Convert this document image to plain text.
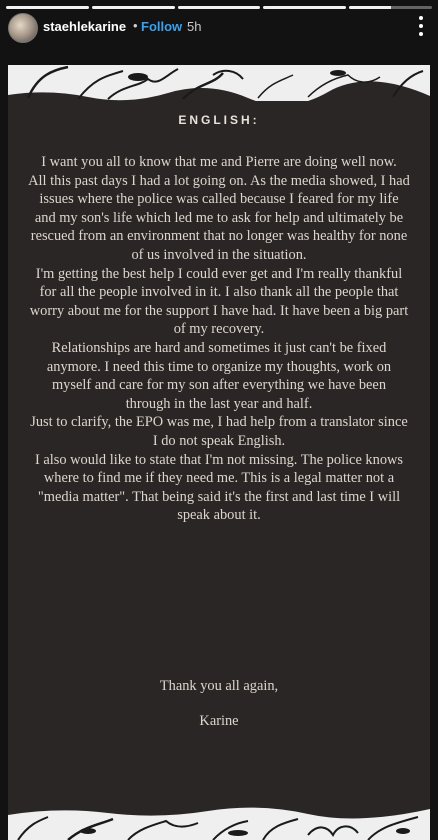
staehlekarine • Follow 5h
ENGLISH:

I want you all to know that me and Pierre are doing well now.

All this past days I had a lot going on. As the media showed, I had issues where the police was called because I feared for my life and my son's life which led me to ask for help and ultimately be rescued from an environment that no longer was healthy for none of us involved in the situation.

I'm getting the best help I could ever get and I'm really thankful for all the people involved in it. I also thank all the people that worry about me for the support I have had. It have been a big part of my recovery.

Relationships are hard and sometimes it just can't be fixed anymore. I need this time to organize my thoughts, work on myself and care for my son after everything we have been through in the last year and half.

Just to clarify, the EPO was me, I had help from a translator since I do not speak English.

I also would like to state that I'm not missing. The police knows where to find me if they need me. This is a legal matter not a "media matter". That being said it's the first and last time I will speak about it.

Thank you all again,
Karine
